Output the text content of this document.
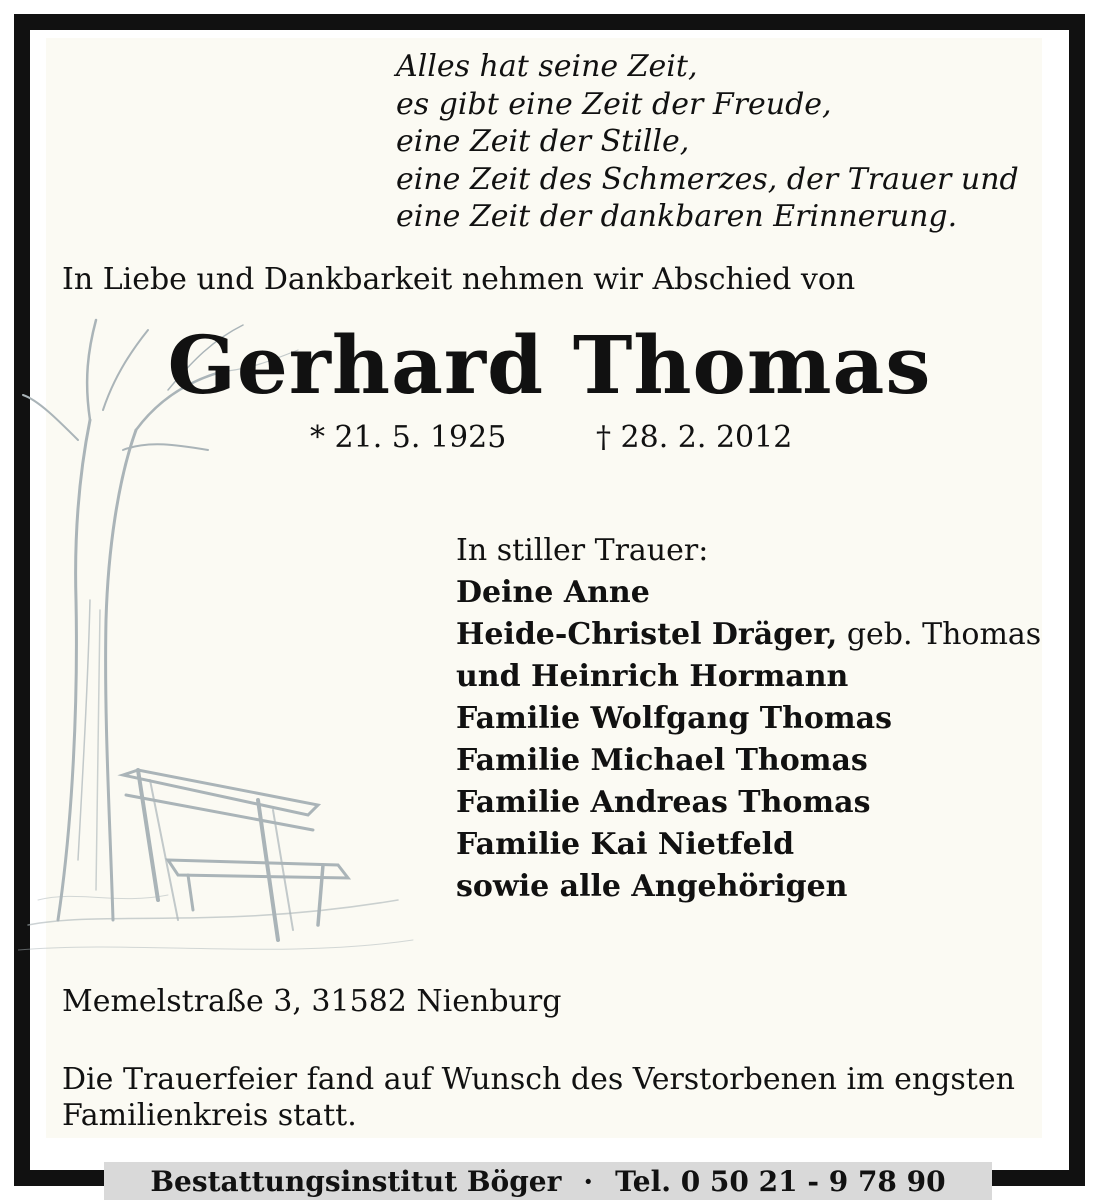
Alles hat seine Zeit,
es gibt eine Zeit der Freude,
eine Zeit der Stille,
eine Zeit des Schmerzes, der Trauer und
eine Zeit der dankbaren Erinnerung.
In Liebe und Dankbarkeit nehmen wir Abschied von
Gerhard Thomas
* 21. 5. 1925	† 28. 2. 2012
In stiller Trauer:
Deine Anne
Heide-Christel Dräger, geb. Thomas
und Heinrich Hormann
Familie Wolfgang Thomas
Familie Michael Thomas
Familie Andreas Thomas
Familie Kai Nietfeld
sowie alle Angehörigen
Memelstraße 3, 31582 Nienburg
Die Trauerfeier fand auf Wunsch des Verstorbenen im engsten Familienkreis statt.
Bestattungsinstitut Böger · Tel. 0 50 21 - 9 78 90
